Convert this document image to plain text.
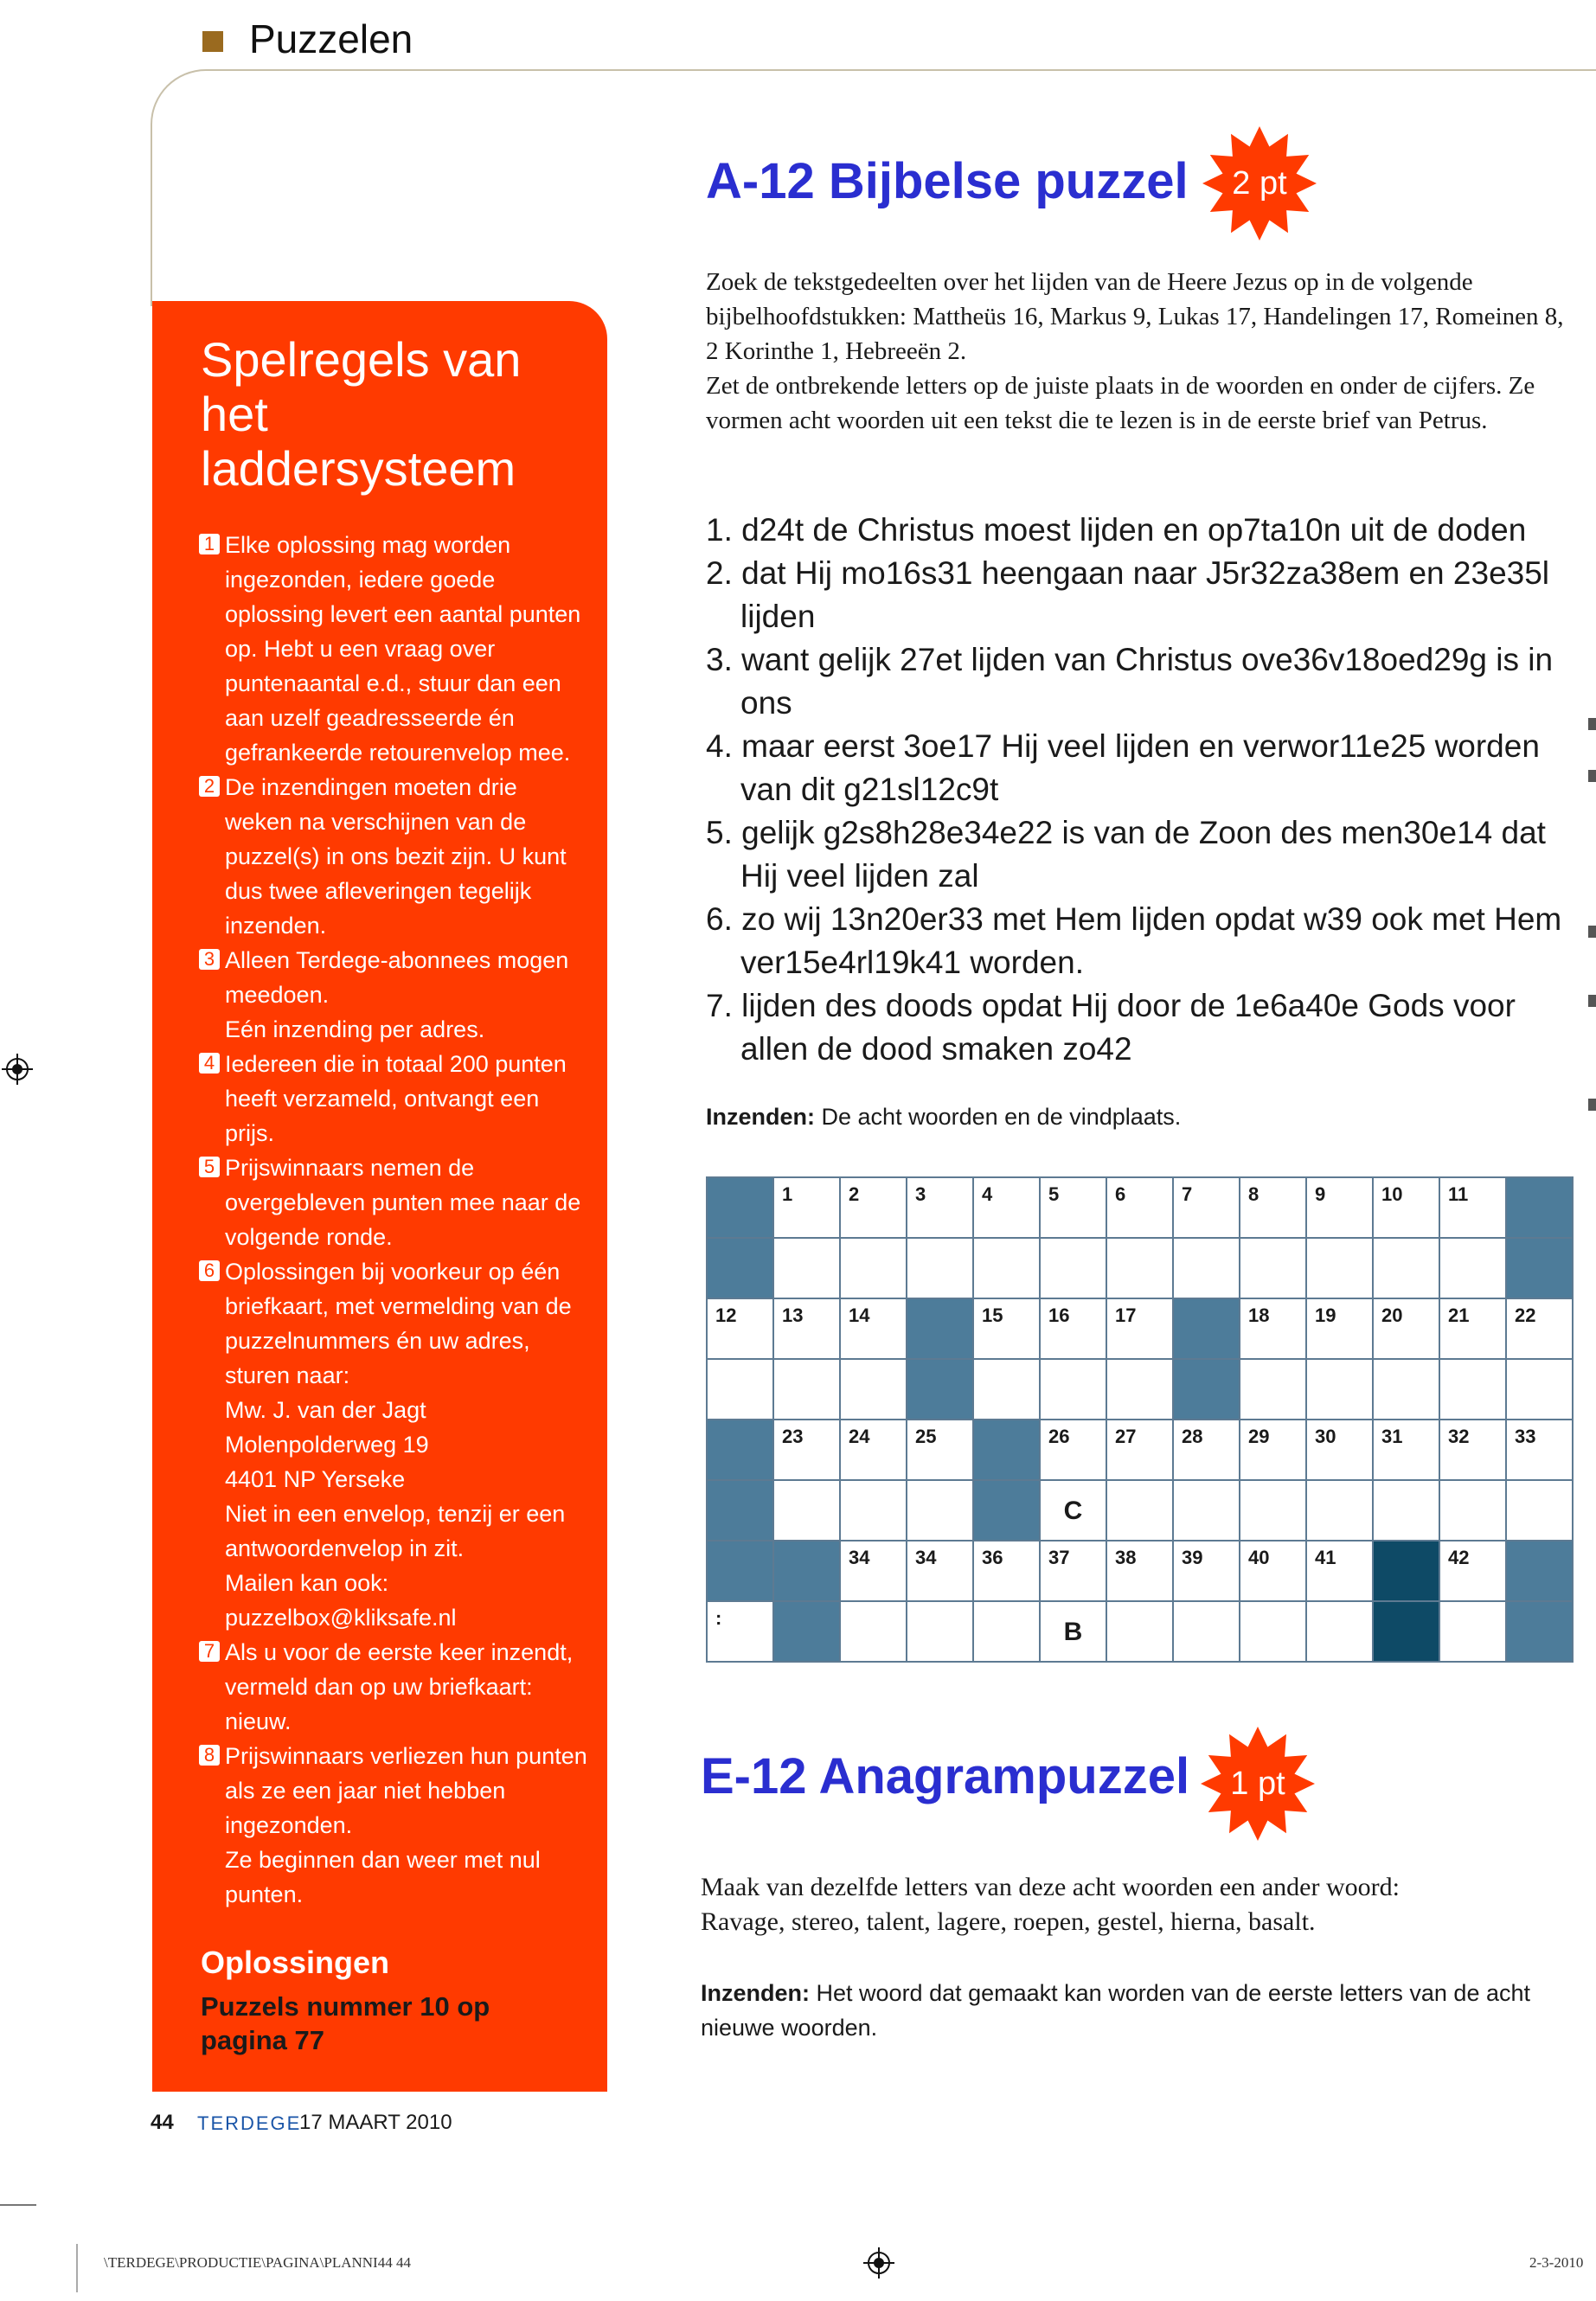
Puzzelen
Spelregels van het laddersysteem
1 Elke oplossing mag worden ingezonden, iedere goede oplossing levert een aantal punten op. Hebt u een vraag over puntenaantal e.d., stuur dan een aan uzelf geadresseerde én gefrankeerde retourenvelop mee.
2 De inzendingen moeten drie weken na verschijnen van de puzzel(s) in ons bezit zijn. U kunt dus twee afleveringen tegelijk inzenden.
3 Alleen Terdege-abonnees mogen meedoen.
Eén inzending per adres.
4 Iedereen die in totaal 200 punten heeft verzameld, ontvangt een prijs.
5 Prijswinnaars nemen de overgebleven punten mee naar de volgende ronde.
6 Oplossingen bij voorkeur op één briefkaart, met vermelding van de puzzelnummers én uw adres, sturen naar:
Mw. J. van der Jagt
Molenpolderweg 19
4401 NP Yerseke
Niet in een envelop, tenzij er een antwoordenvelop in zit.
Mailen kan ook:
puzzelbox@kliksafe.nl
7 Als u voor de eerste keer inzendt, vermeld dan op uw briefkaart: nieuw.
8 Prijswinnaars verliezen hun punten als ze een jaar niet hebben ingezonden.
Ze beginnen dan weer met nul punten.
Oplossingen
Puzzels nummer 10 op pagina 77
A-12 Bijbelse puzzel 2 pt

Zoek de tekstgedeelten over het lijden van de Heere Jezus op in de volgende bijbelhoofdstukken: Mattheüs 16, Markus 9, Lukas 17, Handelingen 17, Romeinen 8, 2 Korinthe 1, Hebreeën 2.

Zet de ontbrekende letters op de juiste plaats in de woorden en onder de cijfers. Ze vormen acht woorden uit een tekst die te lezen is in de eerste brief van Petrus.

1. d24t de Christus moest lijden en op7ta10n uit de doden
2. dat Hij mo16s31 heengaan naar J5r32za38em en 23e35l lijden
3. want gelijk 27et lijden van Christus ove36v18oed29g is in ons
4. maar eerst 3oe17 Hij veel lijden en verwor11e25 worden van dit g21sl12c9t
5. gelijk g2s8h28e34e22 is van de Zoon des men30e14 dat Hij veel lijden zal
6. zo wij 13n20er33 met Hem lijden opdat w39 ook met Hem ver15e4rl19k41 worden.
7. lijden des doods opdat Hij door de 1e6a40e Gods voor allen de dood smaken zo42
Inzenden: De acht woorden en de vindplaats.

	1	2	3	4	5	6	7	8	9	10	11	

12	13	14		15	16	17		18	19	20	21	22

	23	24	25		26	27	28	29	30	31	32	33

					C							

		34	34	36	37	38	39	40	41		42	

:					B							

E-12 Anagrampuzzel 1 pt

Maak van dezelfde letters van deze acht woorden een ander woord:

Ravage, stereo, talent, lagere, roepen, gestel, hierna, basalt.

Inzenden: Het woord dat gemaakt kan worden van de eerste letters van de acht nieuwe woorden.
44 TERDEGE
17 MAART 2010
\TERDEGE\PRODUCTIE\PAGINA\PLANNI44 44	2-3-2010
